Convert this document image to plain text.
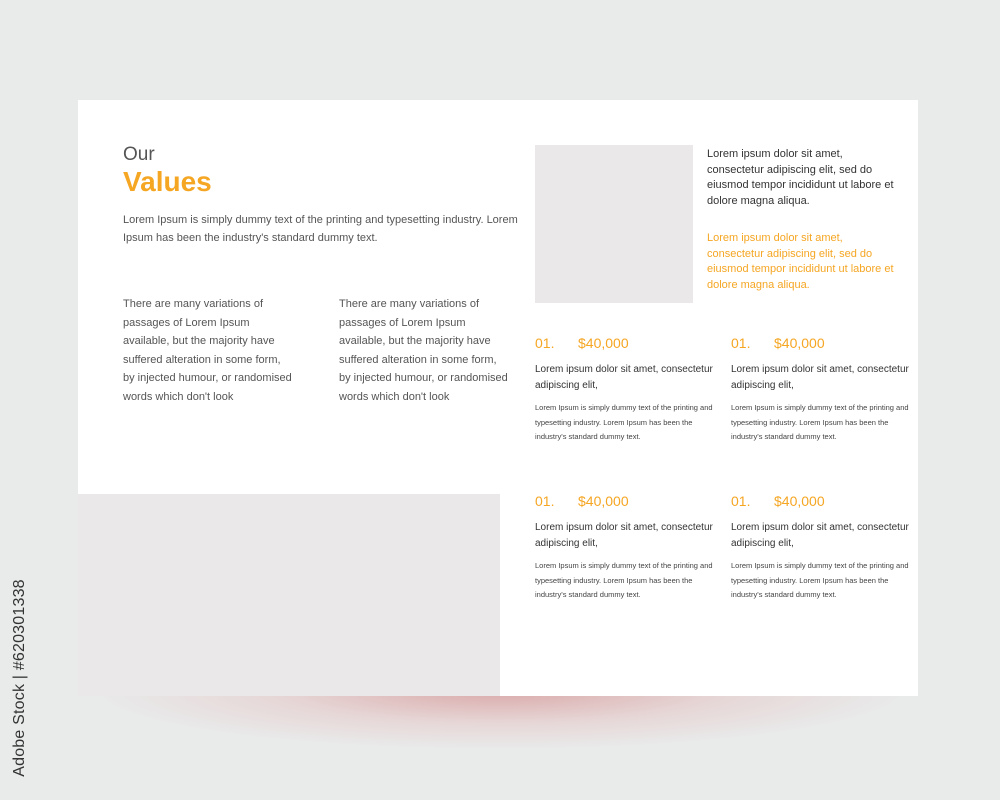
Our
Values

Lorem Ipsum is simply dummy text of the printing and typesetting industry. Lorem Ipsum has been the industry's standard dummy text.

There are many variations of passages of Lorem Ipsum available, but the majority have suffered alteration in some form, by injected humour, or randomised words which don't look

There are many variations of passages of Lorem Ipsum available, but the majority have suffered alteration in some form, by injected humour, or randomised words which don't look

Lorem ipsum dolor sit amet, consectetur adipiscing elit, sed do eiusmod tempor incididunt ut labore et dolore magna aliqua.

Lorem ipsum dolor sit amet, consectetur adipiscing elit, sed do eiusmod tempor incididunt ut labore et dolore magna aliqua.

01.	$40,000

Lorem ipsum dolor sit amet, consectetur adipiscing elit,

Lorem Ipsum is simply dummy text of the printing and typesetting industry. Lorem Ipsum has been the industry's standard dummy text.

01.	$40,000

Lorem ipsum dolor sit amet, consectetur adipiscing elit,

Lorem Ipsum is simply dummy text of the printing and typesetting industry. Lorem Ipsum has been the industry's standard dummy text.

01.	$40,000

Lorem ipsum dolor sit amet, consectetur adipiscing elit,

Lorem Ipsum is simply dummy text of the printing and typesetting industry. Lorem Ipsum has been the industry's standard dummy text.

01.	$40,000

Lorem ipsum dolor sit amet, consectetur adipiscing elit,

Lorem Ipsum is simply dummy text of the printing and typesetting industry. Lorem Ipsum has been the industry's standard dummy text.

Adobe Stock | #620301338
